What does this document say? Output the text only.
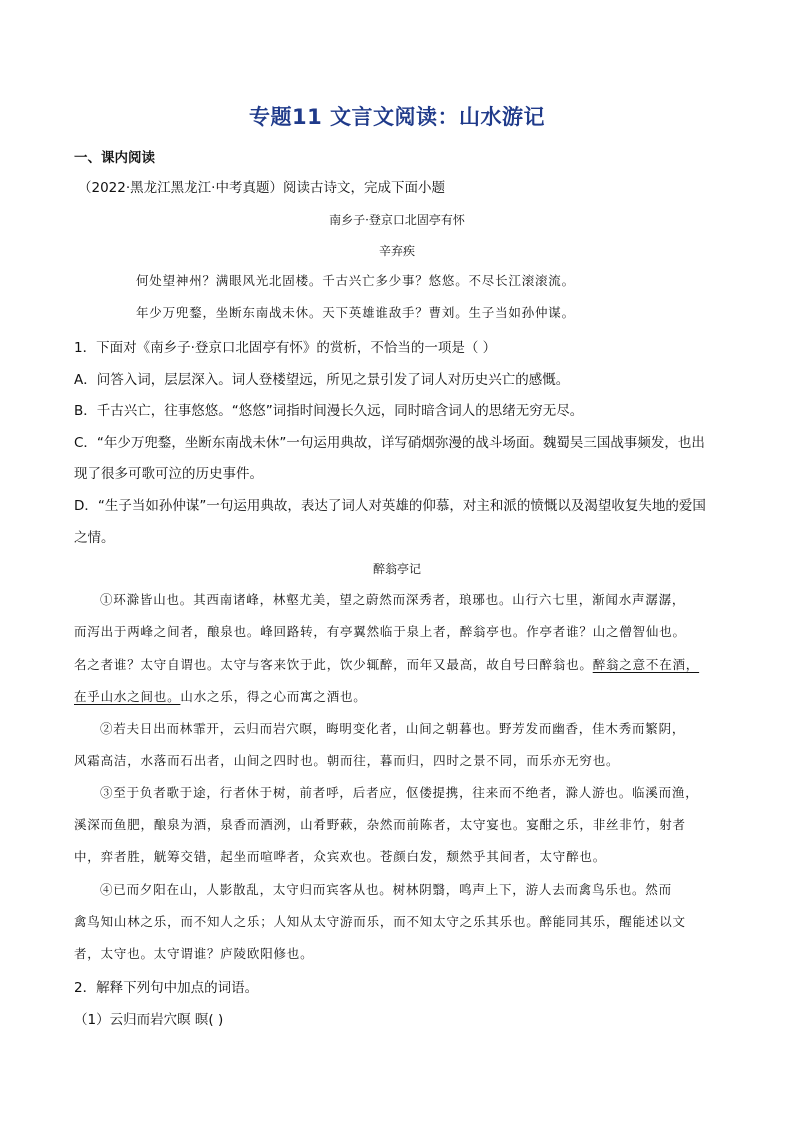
专题11 文言文阅读：山水游记
一、课内阅读
（2022·黑龙江黑龙江·中考真题）阅读古诗文，完成下面小题
南乡子·登京口北固亭有怀
辛弃疾
何处望神州？满眼风光北固楼。千古兴亡多少事？悠悠。不尽长江滚滚流。
年少万兜鍪，坐断东南战未休。天下英雄谁敌手？曹刘。生子当如孙仲谋。
1．下面对《南乡子·登京口北固亭有怀》的赏析，不恰当的一项是（ ）
A．问答入词，层层深入。词人登楼望远，所见之景引发了词人对历史兴亡的感慨。
B．千古兴亡，往事悠悠。“悠悠”词指时间漫长久远，同时暗含词人的思绪无穷无尽。
C．“年少万兜鍪，坐断东南战未休”一句运用典故，详写硝烟弥漫的战斗场面。魏蜀吴三国战事频发，也出
现了很多可歌可泣的历史事件。
D．“生子当如孙仲谋”一句运用典故，表达了词人对英雄的仰慕，对主和派的愤慨以及渴望收复失地的爱国
之情。
醉翁亭记
①环滁皆山也。其西南诸峰，林壑尤美，望之蔚然而深秀者，琅琊也。山行六七里，渐闻水声潺潺，
而泻出于两峰之间者，酿泉也。峰回路转，有亭翼然临于泉上者，醉翁亭也。作亭者谁？山之僧智仙也。
名之者谁？太守自谓也。太守与客来饮于此，饮少辄醉，而年又最高，故自号曰醉翁也。醉翁之意不在酒，
在乎山水之间也。山水之乐，得之心而寓之酒也。
②若夫日出而林霏开，云归而岩穴暝，晦明变化者，山间之朝暮也。野芳发而幽香，佳木秀而繁阴，
风霜高洁，水落而石出者，山间之四时也。朝而往，暮而归，四时之景不同，而乐亦无穷也。
③至于负者歌于途，行者休于树，前者呼，后者应，伛偻提携，往来而不绝者，滁人游也。临溪而渔，
溪深而鱼肥，酿泉为酒，泉香而酒洌，山肴野蔌，杂然而前陈者，太守宴也。宴酣之乐，非丝非竹，射者
中，弈者胜，觥筹交错，起坐而喧哗者，众宾欢也。苍颜白发，颓然乎其间者，太守醉也。
④已而夕阳在山，人影散乱，太守归而宾客从也。树林阴翳，鸣声上下，游人去而禽鸟乐也。然而
禽鸟知山林之乐，而不知人之乐；人知从太守游而乐，而不知太守之乐其乐也。醉能同其乐，醒能述以文
者，太守也。太守谓谁？庐陵欧阳修也。
2．解释下列句中加点的词语。
（1）云归而岩穴暝 暝( )
